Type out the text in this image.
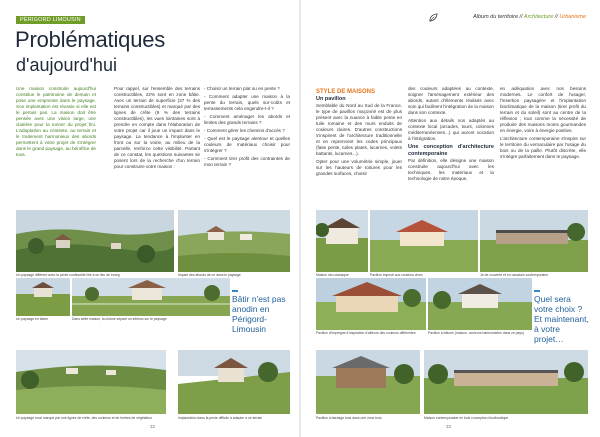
PÉRIGORD LIMOUSIN
Problématiques
d'aujourd'hui

Une maison construite aujourd'hui constitue le patrimoine de demain et pose une empreinte dans le paysage. Son implantation est réussie si elle est le pertuis pas. La maison doit être pensée avec une vision large, une clairière pour la tonner du projet fini. L'adaptation au contexte, au terrain et le traitement harmonieux des abords permettent à votre projet de s'intégrer dans le grand paysage, au bénéfice de tous.

Pour rappel, sur l'ensemble des terrains constructibles, 22% sont en zone bâtie. Avec un terrain de superficie (37 % des terrains constructibles) et marqué par des lignes de crête (9 % des terrains constructibles), les vues lointaines sont à prendre en compte dans l'élaboration de votre projet car il joue un impact dans le paysage. La tendance à l'implanter en front ou sur la voirie, au milieu de la parcelle, renforce cette visibilité. Partant de ce constat, les questions suivantes se posent lors de la recherche d'un terrain pour construire votre maison :

- Choisir un terrain plat ou en pente ?

- Comment adapter une maison à la pente du terrain, quels sur-coûts et terrassements cela engendre-t-il ?

- Comment aménager les abords et limites des grands terrains ?

- Comment gérer les chemins d'accès ?

- Quel est le paysage alentour et quelles couleurs de matériaux choisir pour s'intégrer ?

- Comment tirer profit des contraintes de mon terrain ?

Un paysage différent avec la pente continuelle liée à ce lieu de bourg	Impact des abords de ce dans le paysage
Un paysage en tâche	Dans cette maison, la clôture sépare un sérieux sur le paysage
Bâtir n'est pas anodin en Périgord-Limousin
Un paysage rural marqué par une lignes de crête, des couleurs et de herbes de végétation	Implantation dans la pente difficile à adapter à ce terrain
32
Album du territoire // Architecture // Urbanisme
STYLE DE MAISONS
Un pavillon

Semblable du Nord au Sud de la France, le type de pavillon maçonné est de plus présent avec la nuance à faible pente en tuile romaine et des murs enduits de couleurs claires. D'autres constructions s'inspirent de l'architecture traditionnelle et en reprennent les codes principaux (faite pente, tuiles plates, lucarnes, volets battants, lucarnes...).

Opter pour une volumétrie simple, jouer sur les hauteurs de toitures pour les grandes surfaces, choisir

des couleurs adaptées au contexte, soigner l'aménagement extérieur des abords, autant d'éléments réalisés avec soin qui facilitent l'intégration de la maison dans son contexte.

Attention aux détails non adaptés au contexte local (arcades, tours, colonnes méditerranéennes...) qui auront vocation à l'intégration.

Une conception d'architecture contemporaine

Par définition, elle désigne une maison construite aujourd'hui avec les techniques, les matériaux et la technologie de notre époque,

en adéquation avec nos besoins modernes. Le confort de l'usager, l'insertion paysagère et l'implantation bioclimatique de la maison (tirer profit du terrain et du soleil) sont au centre de la réflexion ; tout comme la nécessité de produire des maisons moins gourmandes en énergie, voire à énergie positive.

L'architecture contemporaine s'inspire sur le territoire du vernaculaire par l'usage du bois ou de la paille. Plutôt discrète, elle s'intègre parfaitement dans le paysage.

Maison néo-classique	Pavillon imposé aux couleurs vives	Je de couverte et en ossature contemporaine
Pavillon d'imprègne d'inspiration d'ailleurs des couleurs différentes	Pavillon à bâtons (maison, couleurs harmonisées dans ce pays)
Quel sera votre choix ? Et maintenant, à votre projet…
Pavillon à bardage bois dans une zone bois	Maison contemporaine en bois conception bioclimatique
33
